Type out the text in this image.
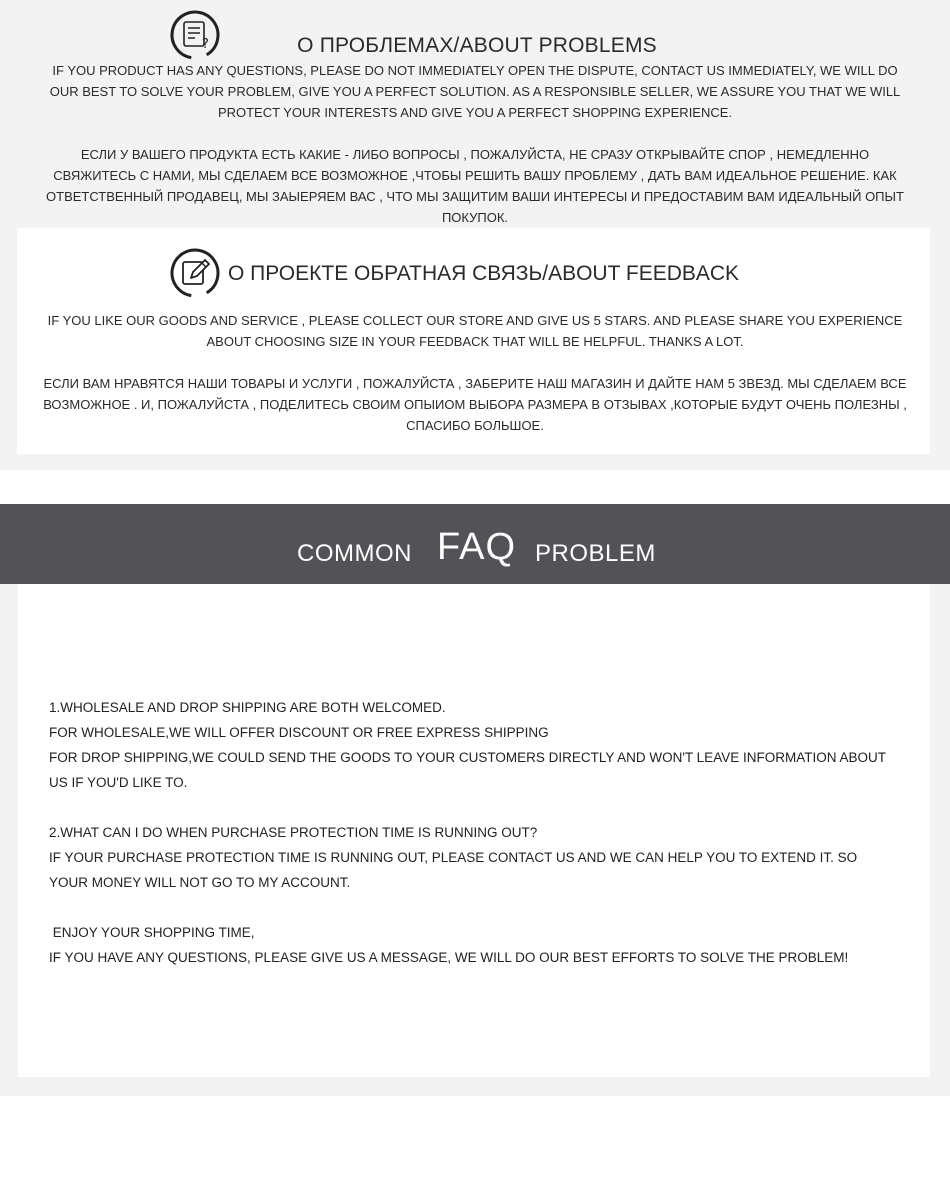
?	О ПРОБЛЕМАХ/ABOUT PROBLEMS
IF YOU PRODUCT HAS ANY QUESTIONS, PLEASE DO NOT IMMEDIATELY OPEN THE DISPUTE, CONTACT US IMMEDIATELY, WE WILL DO OUR BEST TO SOLVE YOUR PROBLEM, GIVE YOU A PERFECT SOLUTION. AS A RESPONSIBLE SELLER, WE ASSURE YOU THAT WE WILL PROTECT YOUR INTERESTS AND GIVE YOU A PERFECT SHOPPING EXPERIENCE.
ЕСЛИ У ВАШЕГО ПРОДУКТА ЕСТЬ КАКИЕ - ЛИБО ВОПРОСЫ , ПОЖАЛУЙСТА, НЕ СРАЗУ ОТКРЫВАЙТЕ СПОР , НЕМЕДЛЕННО СВЯЖИТЕСЬ С НАМИ, МЫ СДЕЛАЕМ ВСЕ ВОЗМОЖНОЕ ,ЧТОБЫ РЕШИТЬ ВАШУ ПРОБЛЕМУ , ДАТЬ ВАМ ИДЕАЛЬНОЕ РЕШЕНИЕ. КАК ОТВЕТСТВЕННЫЙ ПРОДАВЕЦ, МЫ ЗАЫЕРЯЕМ ВАС , ЧТО МЫ ЗАЩИТИМ ВАШИ ИНТЕРЕСЫ И ПРЕДОСТАВИМ ВАМ ИДЕАЛЬНЫЙ ОПЫТ ПОКУПОК.
О ПРОЕКТЕ ОБРАТНАЯ СВЯЗЬ/ABOUT FEEDBACK
IF YOU LIKE OUR GOODS AND SERVICE , PLEASE COLLECT OUR STORE AND GIVE US 5 STARS. AND PLEASE SHARE YOU EXPERIENCE ABOUT CHOOSING SIZE IN YOUR FEEDBACK THAT WILL BE HELPFUL. THANKS A LOT.
ЕСЛИ ВАМ НРАВЯТСЯ НАШИ ТОВАРЫ И УСЛУГИ , ПОЖАЛУЙСТА , ЗАБЕРИТЕ НАШ МАГАЗИН И ДАЙТЕ НАМ 5 ЗВЕЗД. МЫ СДЕЛАЕМ ВСЕ ВОЗМОЖНОЕ . И, ПОЖАЛУЙСТА , ПОДЕЛИТЕСЬ СВОИМ ОПЫИОМ ВЫБОРА РАЗМЕРА В ОТЗЫВАХ ,КОТОРЫЕ БУДУТ ОЧЕНЬ ПОЛЕЗНЫ , СПАСИБО БОЛЬШОЕ.
COMMON FAQ PROBLEM
1.WHOLESALE AND DROP SHIPPING ARE BOTH WELCOMED.
FOR WHOLESALE,WE WILL OFFER DISCOUNT OR FREE EXPRESS SHIPPING
FOR DROP SHIPPING,WE COULD SEND THE GOODS TO YOUR CUSTOMERS DIRECTLY AND WON'T LEAVE INFORMATION ABOUT US IF YOU'D LIKE TO.
2.WHAT CAN I DO WHEN PURCHASE PROTECTION TIME IS RUNNING OUT?
IF YOUR PURCHASE PROTECTION TIME IS RUNNING OUT, PLEASE CONTACT US AND WE CAN HELP YOU TO EXTEND IT. SO YOUR MONEY WILL NOT GO TO MY ACCOUNT.
ENJOY YOUR SHOPPING TIME,
IF YOU HAVE ANY QUESTIONS, PLEASE GIVE US A MESSAGE, WE WILL DO OUR BEST EFFORTS TO SOLVE THE PROBLEM!
